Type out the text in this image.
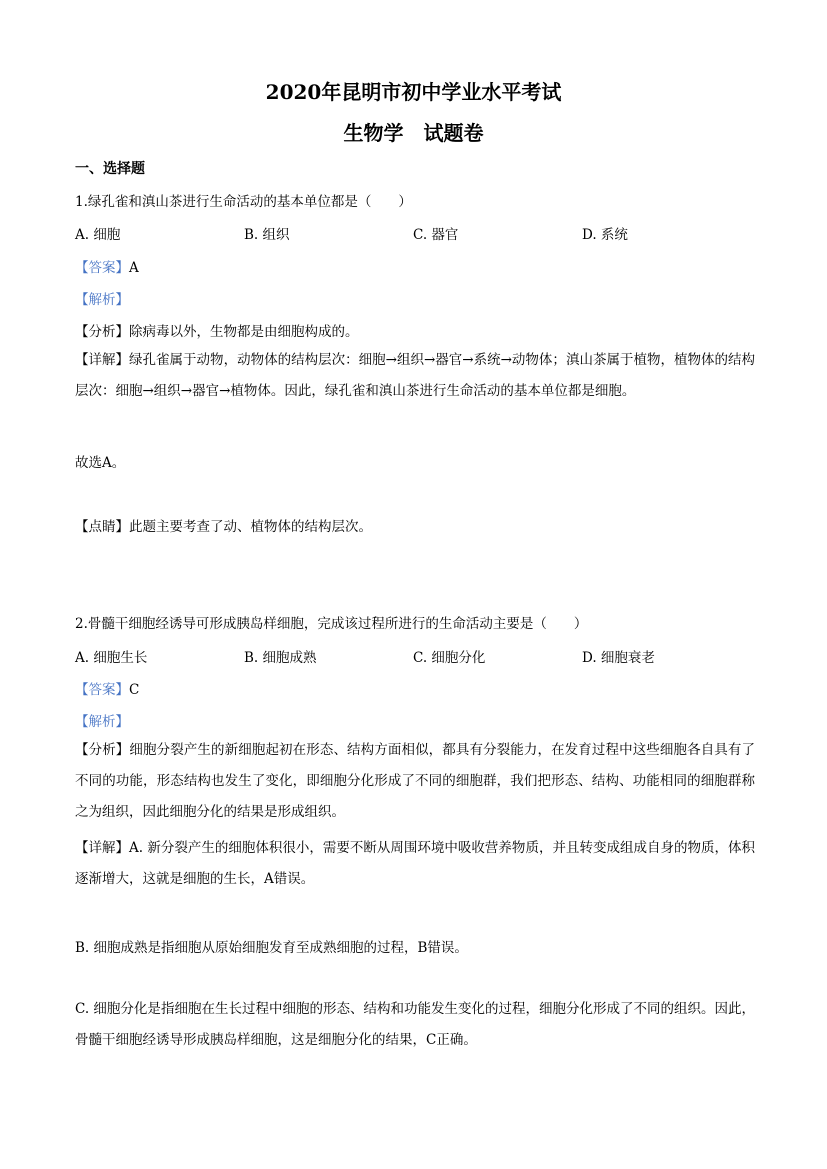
2020年昆明市初中学业水平考试
生物学　试题卷
一、选择题
1.绿孔雀和滇山茶进行生命活动的基本单位都是（　　）
A. 细胞	B. 组织	C. 器官	D. 系统
【答案】A
【解析】
【分析】除病毒以外，生物都是由细胞构成的。
【详解】绿孔雀属于动物，动物体的结构层次：细胞→组织→器官→系统→动物体；滇山茶属于植物，植物体的结构层次：细胞→组织→器官→植物体。因此，绿孔雀和滇山茶进行生命活动的基本单位都是细胞。
故选A。
【点睛】此题主要考查了动、植物体的结构层次。
2.骨髓干细胞经诱导可形成胰岛样细胞，完成该过程所进行的生命活动主要是（　　）
A. 细胞生长	B. 细胞成熟	C. 细胞分化	D. 细胞衰老
【答案】C
【解析】
【分析】细胞分裂产生的新细胞起初在形态、结构方面相似，都具有分裂能力，在发育过程中这些细胞各自具有了不同的功能，形态结构也发生了变化，即细胞分化形成了不同的细胞群，我们把形态、结构、功能相同的细胞群称之为组织，因此细胞分化的结果是形成组织。
【详解】A. 新分裂产生的细胞体积很小，需要不断从周围环境中吸收营养物质，并且转变成组成自身的物质，体积逐渐增大，这就是细胞的生长，A错误。
B. 细胞成熟是指细胞从原始细胞发育至成熟细胞的过程，B错误。
C. 细胞分化是指细胞在生长过程中细胞的形态、结构和功能发生变化的过程，细胞分化形成了不同的组织。因此，骨髓干细胞经诱导形成胰岛样细胞，这是细胞分化的结果，C正确。
